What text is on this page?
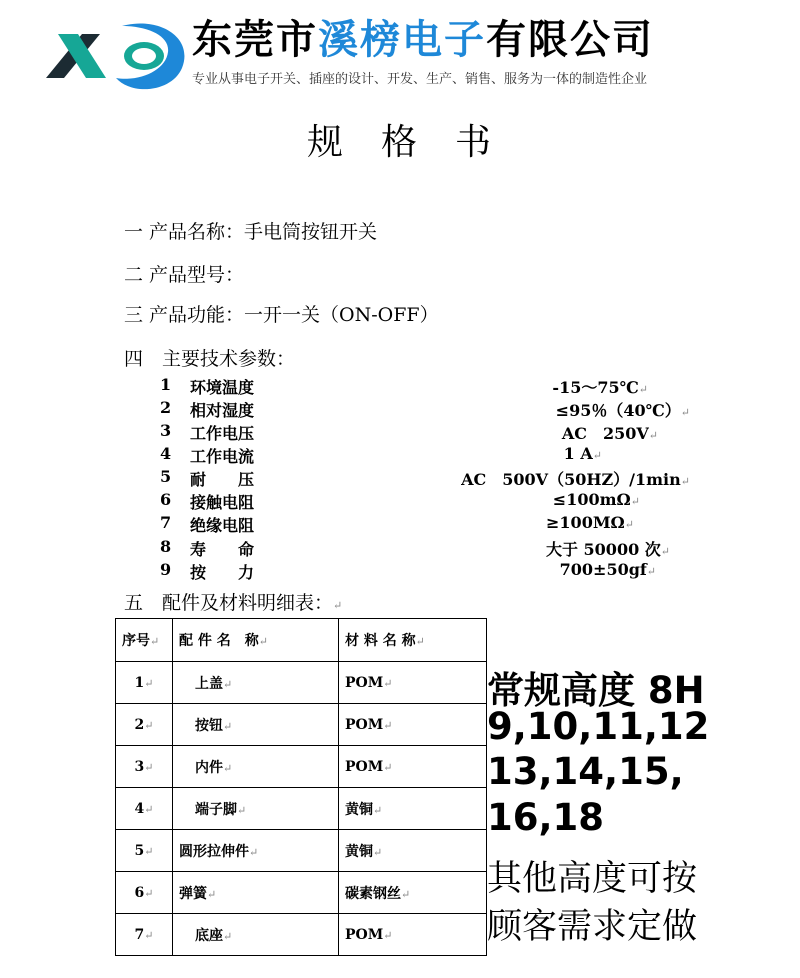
东莞市溪榜电子有限公司
专业从事电子开关、插座的设计、开发、生产、销售、服务为一体的制造性企业
规格书
一 产品名称：手电筒按钮开关
二 产品型号：
三 产品功能：一开一关（ON-OFF）
四　主要技术参数：
1	环境温度	-15～75℃↵
2	相对湿度	≤95％（40℃）↵
3	工作电压	AC　250V↵
4	工作电流	1 A↵
5	耐　　压	AC　500V（50HZ）/1min↵
6	接触电阻	≤100mΩ↵
7	绝缘电阻	≥100MΩ↵
8	寿　　命	大于 50000 次↵
9	按　　力	700±50gf↵
五　配件及材料明细表：↵
序号↵	配 件 名　称↵	材 料 名 称↵
1↵	上盖↵	POM↵
2↵	按钮↵	POM↵
3↵	内件↵	POM↵
4↵	端子脚↵	黄铜↵
5↵	圆形拉伸件↵	黄铜↵
6↵	弹簧↵	碳素钢丝↵
7↵	底座↵	POM↵
常规高度 8H
9,10,11,12
13,14,15,
16,18
其他高度可按
顾客需求定做
